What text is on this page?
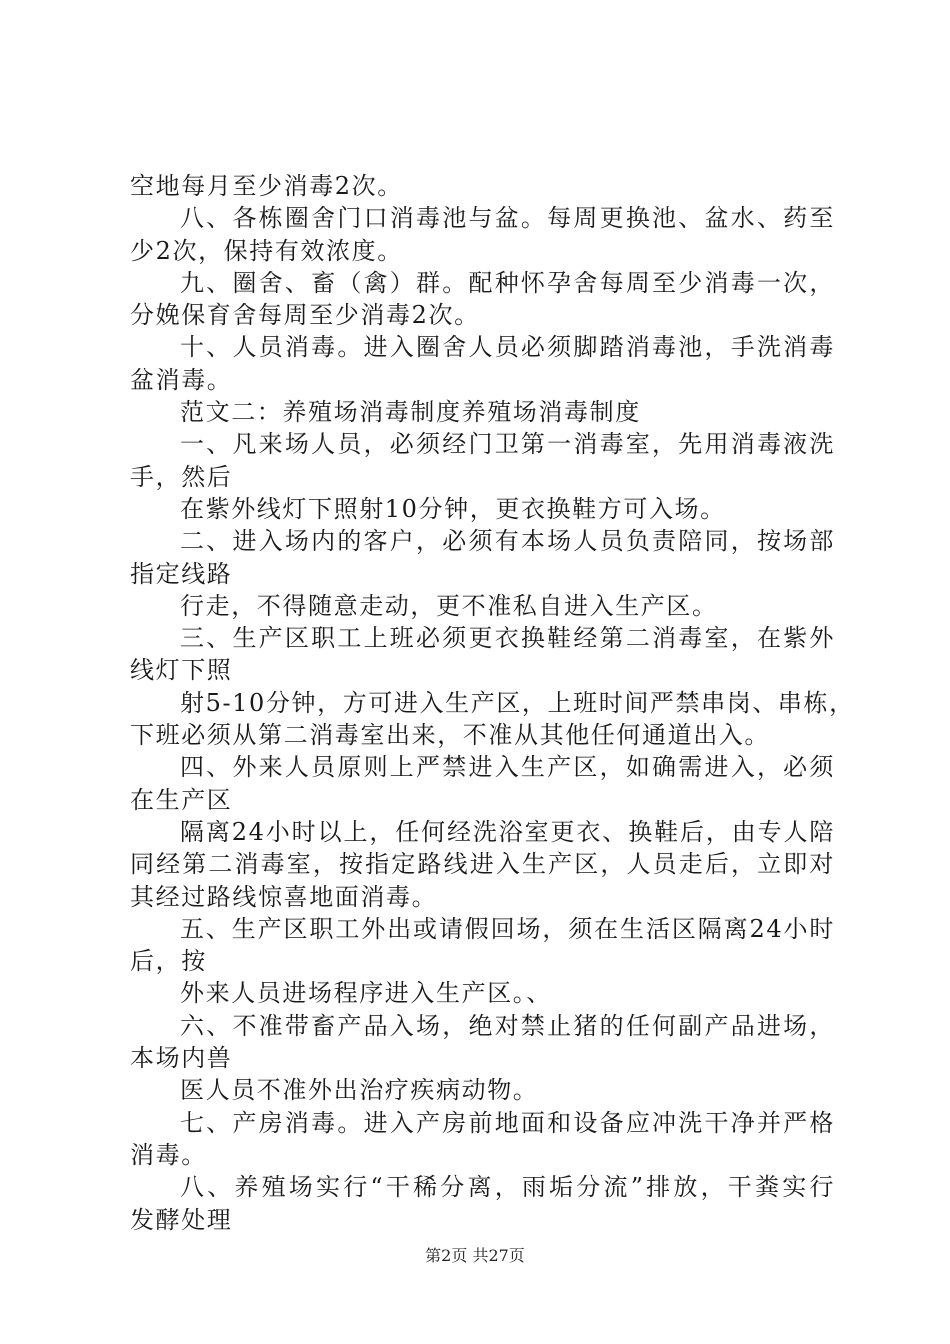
空地每月至少消毒2次。
八、各栋圈舍门口消毒池与盆。每周更换池、盆水、药至
少2次，保持有效浓度。
九、圈舍、畜（禽）群。配种怀孕舍每周至少消毒一次，
分娩保育舍每周至少消毒2次。
十、人员消毒。进入圈舍人员必须脚踏消毒池，手洗消毒
盆消毒。
范文二：养殖场消毒制度养殖场消毒制度
一、凡来场人员，必须经门卫第一消毒室，先用消毒液洗
手，然后
在紫外线灯下照射10分钟，更衣换鞋方可入场。
二、进入场内的客户，必须有本场人员负责陪同，按场部
指定线路
行走，不得随意走动，更不准私自进入生产区。
三、生产区职工上班必须更衣换鞋经第二消毒室，在紫外
线灯下照
射5-10分钟，方可进入生产区，上班时间严禁串岗、串栋，
下班必须从第二消毒室出来，不准从其他任何通道出入。
四、外来人员原则上严禁进入生产区，如确需进入，必须
在生产区
隔离24小时以上，任何经洗浴室更衣、换鞋后，由专人陪
同经第二消毒室，按指定路线进入生产区，人员走后，立即对
其经过路线惊喜地面消毒。
五、生产区职工外出或请假回场，须在生活区隔离24小时
后，按
外来人员进场程序进入生产区。、
六、不准带畜产品入场，绝对禁止猪的任何副产品进场，
本场内兽
医人员不准外出治疗疾病动物。
七、产房消毒。进入产房前地面和设备应冲洗干净并严格
消毒。
八、养殖场实行“干稀分离，雨垢分流”排放，干粪实行
发酵处理
第2页 共27页
